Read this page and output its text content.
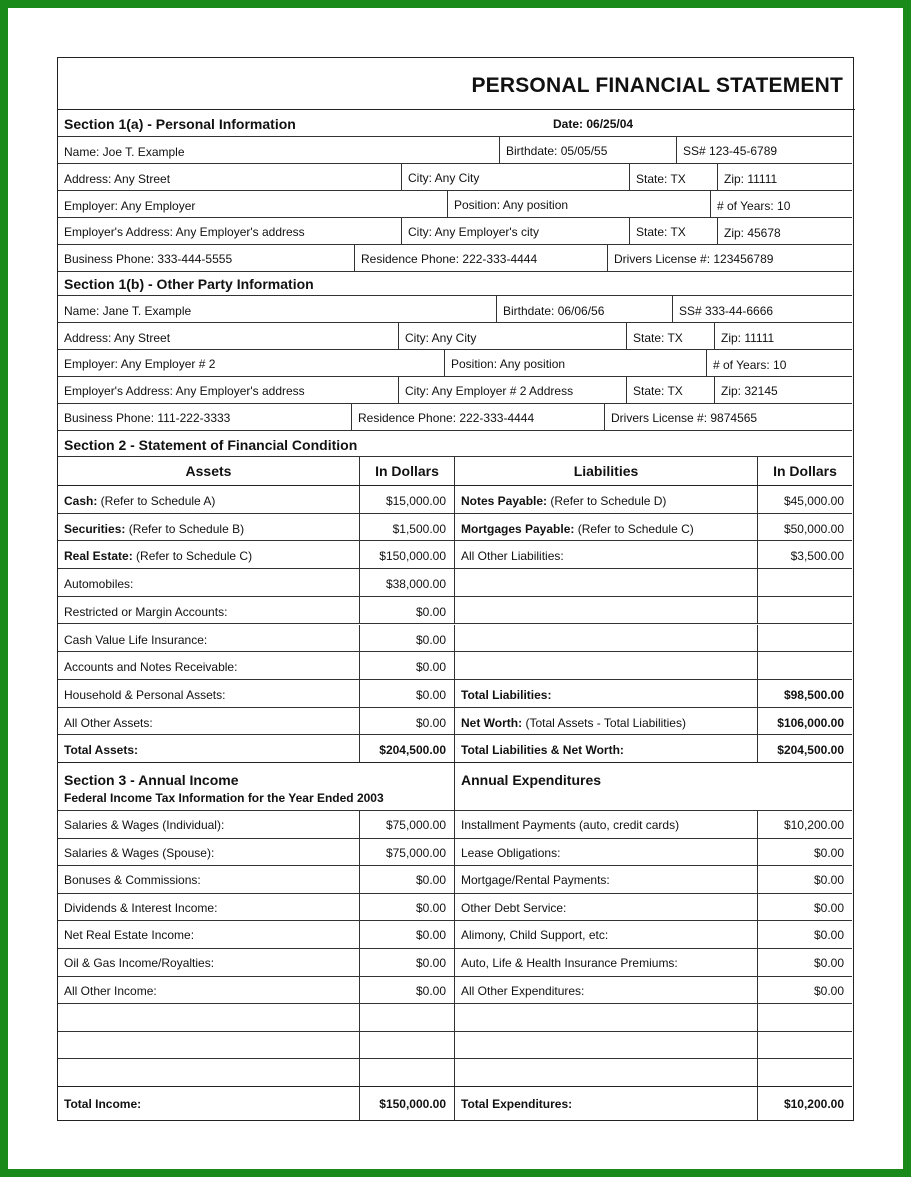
PERSONAL FINANCIAL STATEMENT
Section 1(a) - Personal Information	Date: 06/25/04
Name: Joe T. Example	Birthdate: 05/05/55	SS# 123-45-6789
Address: Any Street	City: Any City	State: TX	Zip: 11111
Employer: Any Employer	Position: Any position	# of Years: 10
Employer's Address: Any Employer's address	City: Any Employer's city	State: TX	Zip: 45678
Business Phone: 333-444-5555	Residence Phone: 222-333-4444	Drivers License #: 123456789
Section 1(b) - Other Party Information
Name: Jane T. Example	Birthdate: 06/06/56	SS# 333-44-6666
Address: Any Street	City: Any City	State: TX	Zip: 11111
Employer: Any Employer # 2	Position: Any position	# of Years: 10
Employer's Address: Any Employer's address	City: Any Employer # 2 Address	State: TX	Zip: 32145
Business Phone: 111-222-3333	Residence Phone: 222-333-4444	Drivers License #: 9874565
Section 2 - Statement of Financial Condition
Assets	In Dollars	Liabilities	In Dollars
Cash: (Refer to Schedule A)	$15,000.00 Notes Payable: (Refer to Schedule D)	$45,000.00
Securities: (Refer to Schedule B)	$1,500.00 Mortgages Payable: (Refer to Schedule C)	$50,000.00
Real Estate: (Refer to Schedule C)	$150,000.00 All Other Liabilities:	$3,500.00
Automobiles:	$38,000.00
Restricted or Margin Accounts:	$0.00
Cash Value Life Insurance:	$0.00
Accounts and Notes Receivable:	$0.00
Household & Personal Assets:	$0.00 Total Liabilities:	$98,500.00
All Other Assets:	$0.00 Net Worth: (Total Assets - Total Liabilities)	$106,000.00
Total Assets:	$204,500.00 Total Liabilities & Net Worth:	$204,500.00
Section 3 - Annual Income
Federal Income Tax Information for the Year Ended 2003
Annual Expenditures
Salaries & Wages (Individual):	$75,000.00 Installment Payments (auto, credit cards)	$10,200.00
Salaries & Wages (Spouse):	$75,000.00 Lease Obligations:	$0.00
Bonuses & Commissions:	$0.00 Mortgage/Rental Payments:	$0.00
Dividends & Interest Income:	$0.00 Other Debt Service:	$0.00
Net Real Estate Income:	$0.00 Alimony, Child Support, etc:	$0.00
Oil & Gas Income/Royalties:	$0.00 Auto, Life & Health Insurance Premiums:	$0.00
All Other Income:	$0.00 All Other Expenditures:	$0.00
Total Income:	$150,000.00 Total Expenditures:	$10,200.00
